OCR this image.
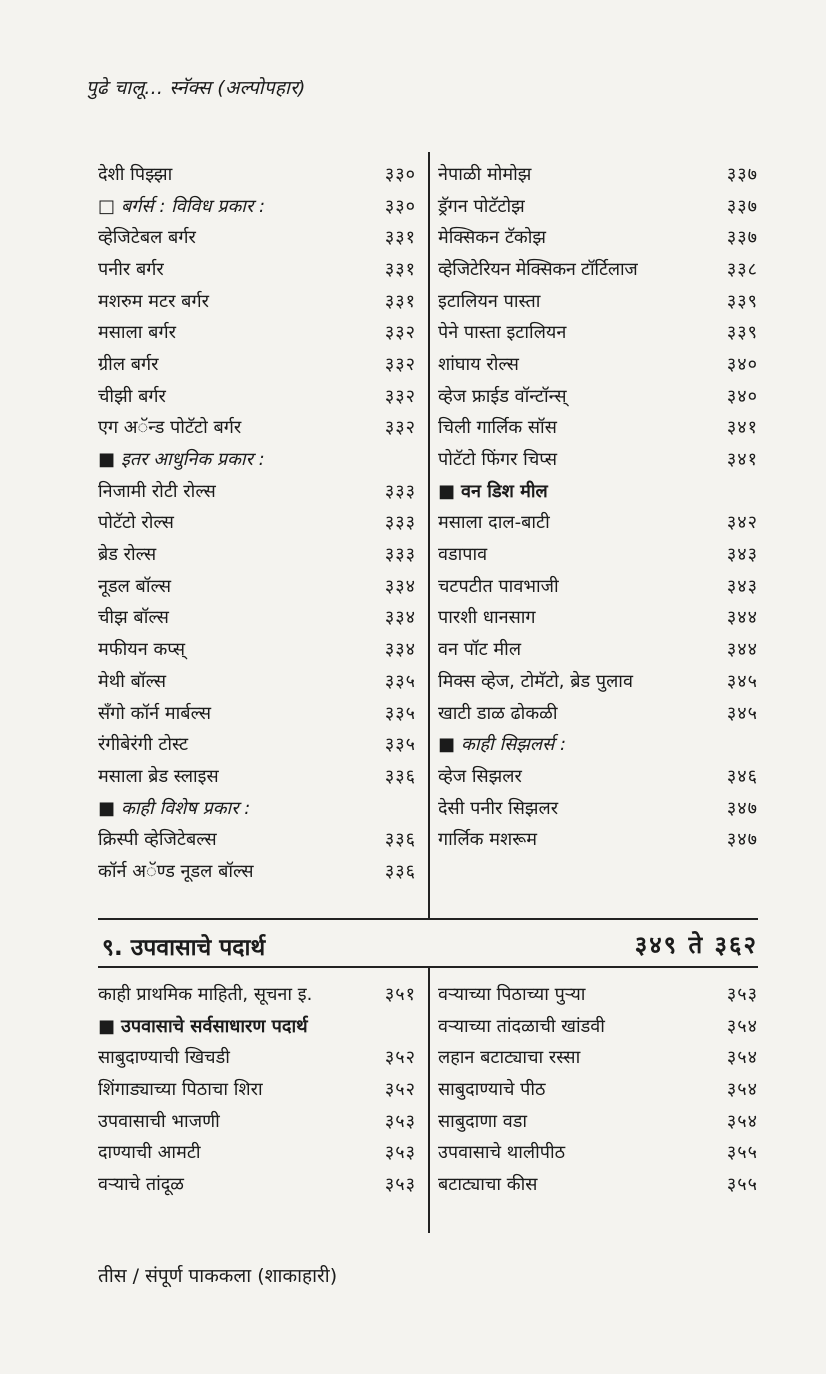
पुढे चालू... स्नॅक्स (अल्पोपहार)
देशी पिझ्झा	३३०
□ बर्गर्स : विविध प्रकार :	३३०
व्हेजिटेबल बर्गर	३३१
पनीर बर्गर	३३१
मशरुम मटर बर्गर	३३१
मसाला बर्गर	३३२
ग्रील बर्गर	३३२
चीझी बर्गर	३३२
एग अॅन्ड पोटॅटो बर्गर	३३२
■ इतर आधुनिक प्रकार :
निजामी रोटी रोल्स	३३३
पोटॅटो रोल्स	३३३
ब्रेड रोल्स	३३३
नूडल बॉल्स	३३४
चीझ बॉल्स	३३४
मफीयन कप्स्	३३४
मेथी बॉल्स	३३५
सॅंगो कॉर्न मार्बल्स	३३५
रंगीबेरंगी टोस्ट	३३५
मसाला ब्रेड स्लाइस	३३६
■ काही विशेष प्रकार :
क्रिस्पी व्हेजिटेबल्स	३३६
कॉर्न अॅण्ड नूडल बॉल्स	३३६
नेपाळी मोमोझ	३३७
ड्रॅगन पोटॅटोझ	३३७
मेक्सिकन टॅकोझ	३३७
व्हेजिटेरियन मेक्सिकन टॉर्टिलाज	३३८
इटालियन पास्ता	३३९
पेने पास्ता इटालियन	३३९
शांघाय रोल्स	३४०
व्हेज फ्राईड वॉन्टॉन्स्	३४०
चिली गार्लिक सॉस	३४१
पोटॅटो फिंगर चिप्स	३४१
■ वन डिश मील
मसाला दाल-बाटी	३४२
वडापाव	३४३
चटपटीत पावभाजी	३४३
पारशी धानसाग	३४४
वन पॉट मील	३४४
मिक्स व्हेज, टोमॅटो, ब्रेड पुलाव	३४५
खाटी डाळ ढोकळी	३४५
■ काही सिझलर्स :
व्हेज सिझलर	३४६
देसी पनीर सिझलर	३४७
गार्लिक मशरूम	३४७
९. उपवासाचे पदार्थ	३४९ ते ३६२
काही प्राथमिक माहिती, सूचना इ.	३५१
■ उपवासाचे सर्वसाधारण पदार्थ
साबुदाण्याची खिचडी	३५२
शिंगाड्याच्या पिठाचा शिरा	३५२
उपवासाची भाजणी	३५३
दाण्याची आमटी	३५३
वऱ्याचे तांदूळ	३५३
वऱ्याच्या पिठाच्या पुऱ्या	३५३
वऱ्याच्या तांदळाची खांडवी	३५४
लहान बटाट्याचा रस्सा	३५४
साबुदाण्याचे पीठ	३५४
साबुदाणा वडा	३५४
उपवासाचे थालीपीठ	३५५
बटाट्याचा कीस	३५५
तीस / संपूर्ण पाककला (शाकाहारी)
